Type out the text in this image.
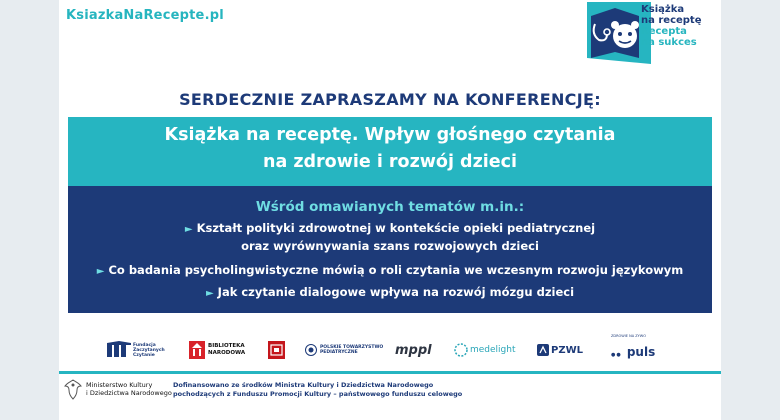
KsiazkaNaRecepte.pl	Książka
na receptę
Recepta
na sukces
SERDECZNIE ZAPRASZAMY NA KONFERENCJĘ:
Książka na receptę. Wpływ głośnego czytania
na zdrowie i rozwój dzieci
Wśród omawianych tematów m.in.:
► Kształt polityki zdrowotnej w kontekście opieki pediatrycznej
oraz wyrównywania szans rozwojowych dzieci
► Co badania psycholingwistyczne mówią o roli czytania we wczesnym rozwoju językowym
► Jak czytanie dialogowe wpływa na rozwój mózgu dzieci
Fundacja
Zaczytanych
Czytanie
BIBLIOTEKA
NARODOWA
POLSKIE TOWARZYSTWO
PEDIATRYCZNE	mppl	medelight	PZWL
ZDROWIE NA ZYWO
●● puls
Ministerstwo Kultury
i Dziedzictwa Narodowego
Dofinansowano ze środków Ministra Kultury i Dziedzictwa Narodowego
pochodzących z Funduszu Promocji Kultury – państwowego funduszu celowego
